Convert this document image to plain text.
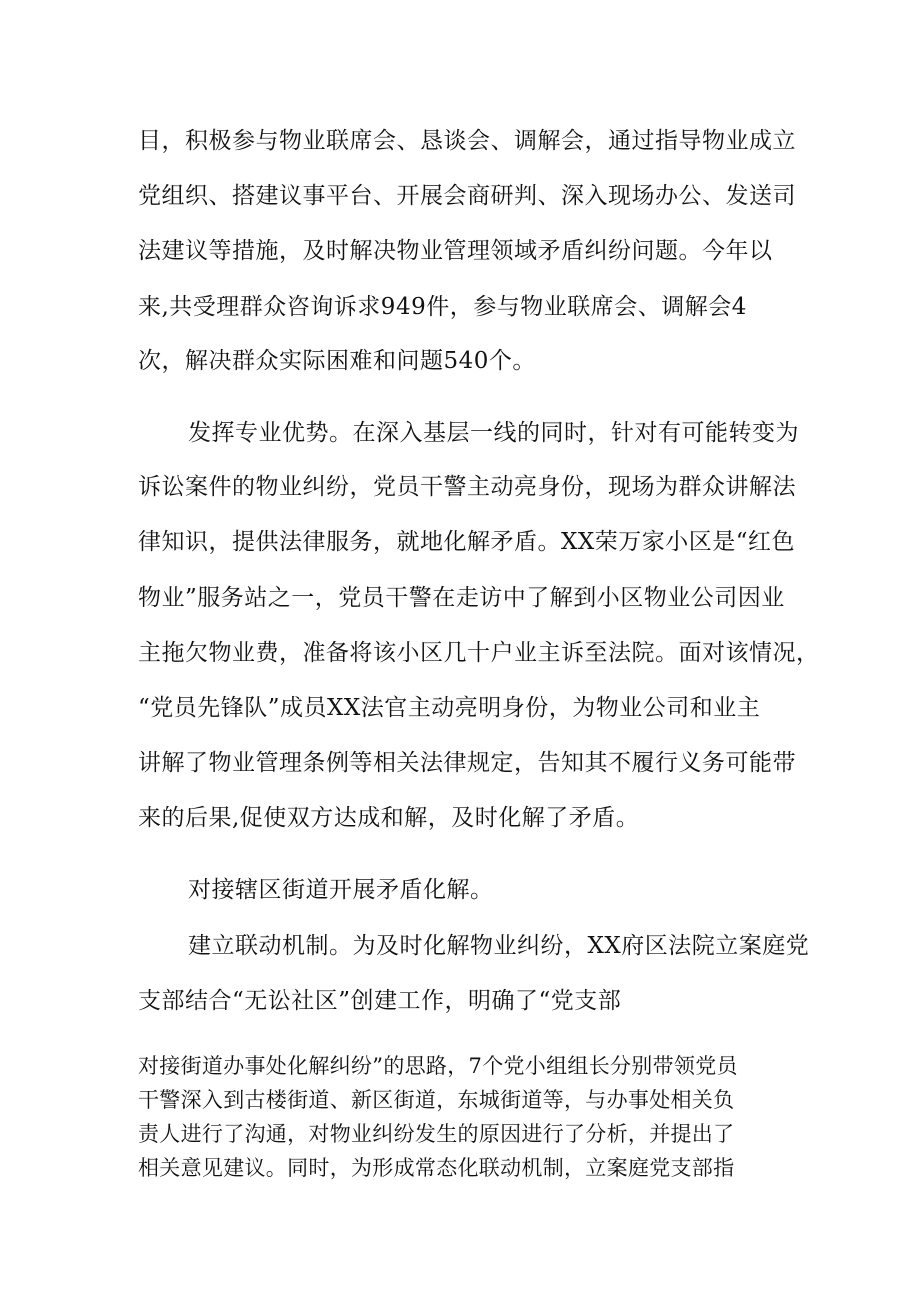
目，积极参与物业联席会、恳谈会、调解会，通过指导物业成立

党组织、搭建议事平台、开展会商研判、深入现场办公、发送司

法建议等措施，及时解决物业管理领域矛盾纠纷问题。今年以

来,共受理群众咨询诉求949件，参与物业联席会、调解会4

次，解决群众实际困难和问题540个。

发挥专业优势。在深入基层一线的同时，针对有可能转变为

诉讼案件的物业纠纷，党员干警主动亮身份，现场为群众讲解法

律知识，提供法律服务，就地化解矛盾。XX荣万家小区是“红色

物业”服务站之一，党员干警在走访中了解到小区物业公司因业

主拖欠物业费，准备将该小区几十户业主诉至法院。面对该情况，

“党员先锋队”成员XX法官主动亮明身份，为物业公司和业主

讲解了物业管理条例等相关法律规定，告知其不履行义务可能带

来的后果,促使双方达成和解，及时化解了矛盾。

对接辖区街道开展矛盾化解。

建立联动机制。为及时化解物业纠纷，XX府区法院立案庭党

支部结合“无讼社区”创建工作，明确了“党支部

对接街道办事处化解纠纷”的思路，7个党小组组长分别带领党员

干警深入到古楼街道、新区街道，东城街道等，与办事处相关负

责人进行了沟通，对物业纠纷发生的原因进行了分析，并提出了

相关意见建议。同时，为形成常态化联动机制，立案庭党支部指
